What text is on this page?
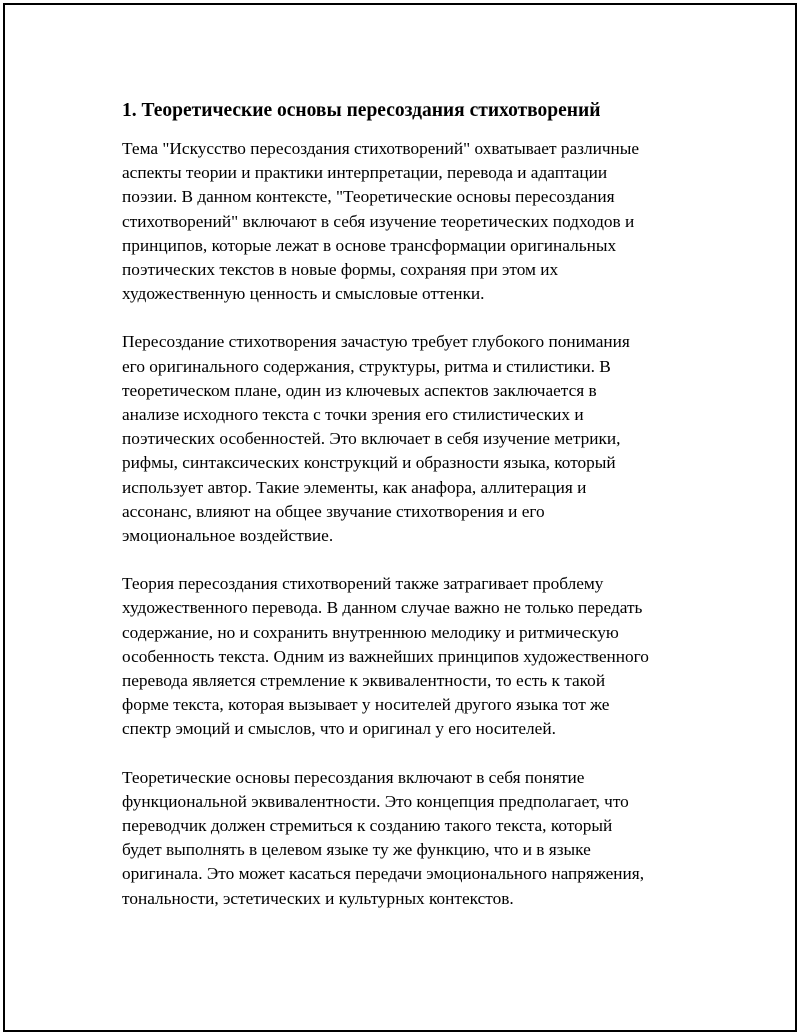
1. Теоретические основы пересоздания стихотворений
Тема "Искусство пересоздания стихотворений" охватывает различные
аспекты теории и практики интерпретации, перевода и адаптации
поэзии. В данном контексте, "Теоретические основы пересоздания
стихотворений" включают в себя изучение теоретических подходов и
принципов, которые лежат в основе трансформации оригинальных
поэтических текстов в новые формы, сохраняя при этом их
художественную ценность и смысловые оттенки.
Пересоздание стихотворения зачастую требует глубокого понимания
его оригинального содержания, структуры, ритма и стилистики. В
теоретическом плане, один из ключевых аспектов заключается в
анализе исходного текста с точки зрения его стилистических и
поэтических особенностей. Это включает в себя изучение метрики,
рифмы, синтаксических конструкций и образности языка, который
использует автор. Такие элементы, как анафора, аллитерация и
ассонанс, влияют на общее звучание стихотворения и его
эмоциональное воздействие.
Теория пересоздания стихотворений также затрагивает проблему
художественного перевода. В данном случае важно не только передать
содержание, но и сохранить внутреннюю мелодику и ритмическую
особенность текста. Одним из важнейших принципов художественного
перевода является стремление к эквивалентности, то есть к такой
форме текста, которая вызывает у носителей другого языка тот же
спектр эмоций и смыслов, что и оригинал у его носителей.
Теоретические основы пересоздания включают в себя понятие
функциональной эквивалентности. Это концепция предполагает, что
переводчик должен стремиться к созданию такого текста, который
будет выполнять в целевом языке ту же функцию, что и в языке
оригинала. Это может касаться передачи эмоционального напряжения,
тональности, эстетических и культурных контекстов.
